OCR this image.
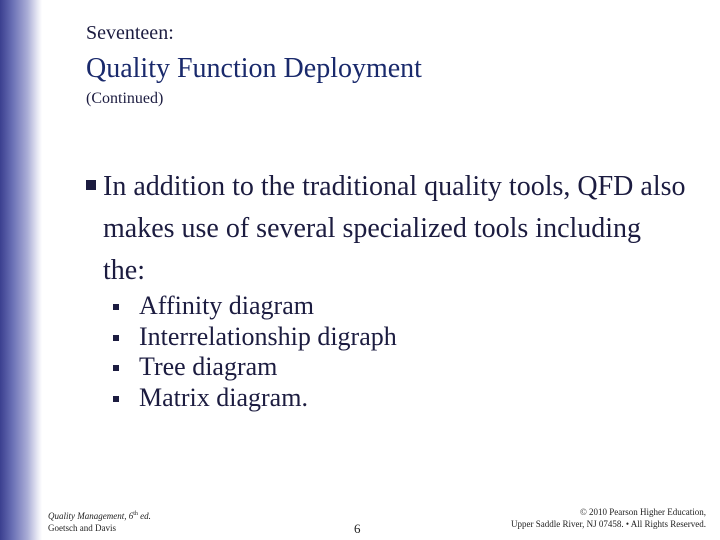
Seventeen:
Quality Function Deployment
(Continued)
In addition to the traditional quality tools, QFD also makes use of several specialized tools including the:
Affinity diagram
Interrelationship digraph
Tree diagram
Matrix diagram.
Quality Management, 6th ed.
Goetsch and Davis	6
© 2010 Pearson Higher Education,
Upper Saddle River, NJ 07458. • All Rights Reserved.
